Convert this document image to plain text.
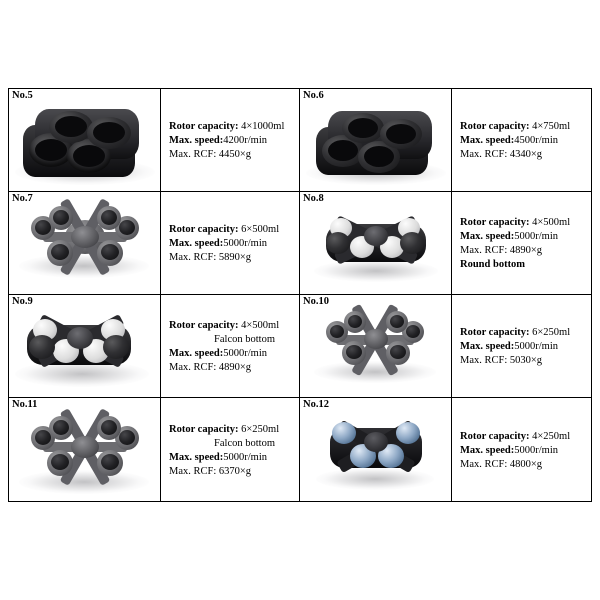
No.5
Rotor capacity: 4×1000ml
Max. speed:4200r/min
Max. RCF: 4450×g
No.7
Rotor capacity: 6×500ml
Max. speed:5000r/min
Max. RCF: 5890×g
No.9
Rotor capacity: 4×500ml
Falcon bottom
Max. speed:5000r/min
Max. RCF: 4890×g
No.11
Rotor capacity: 6×250ml
Falcon bottom
Max. speed:5000r/min
Max. RCF: 6370×g
No.6
Rotor capacity: 4×750ml
Max. speed:4500r/min
Max. RCF: 4340×g
No.8
Rotor capacity: 4×500ml
Max. speed:5000r/min
Max. RCF: 4890×g
Round bottom
No.10
Rotor capacity: 6×250ml
Max. speed:5000r/min
Max. RCF: 5030×g
No.12
Rotor capacity: 4×250ml
Max. speed:5000r/min
Max. RCF: 4800×g
